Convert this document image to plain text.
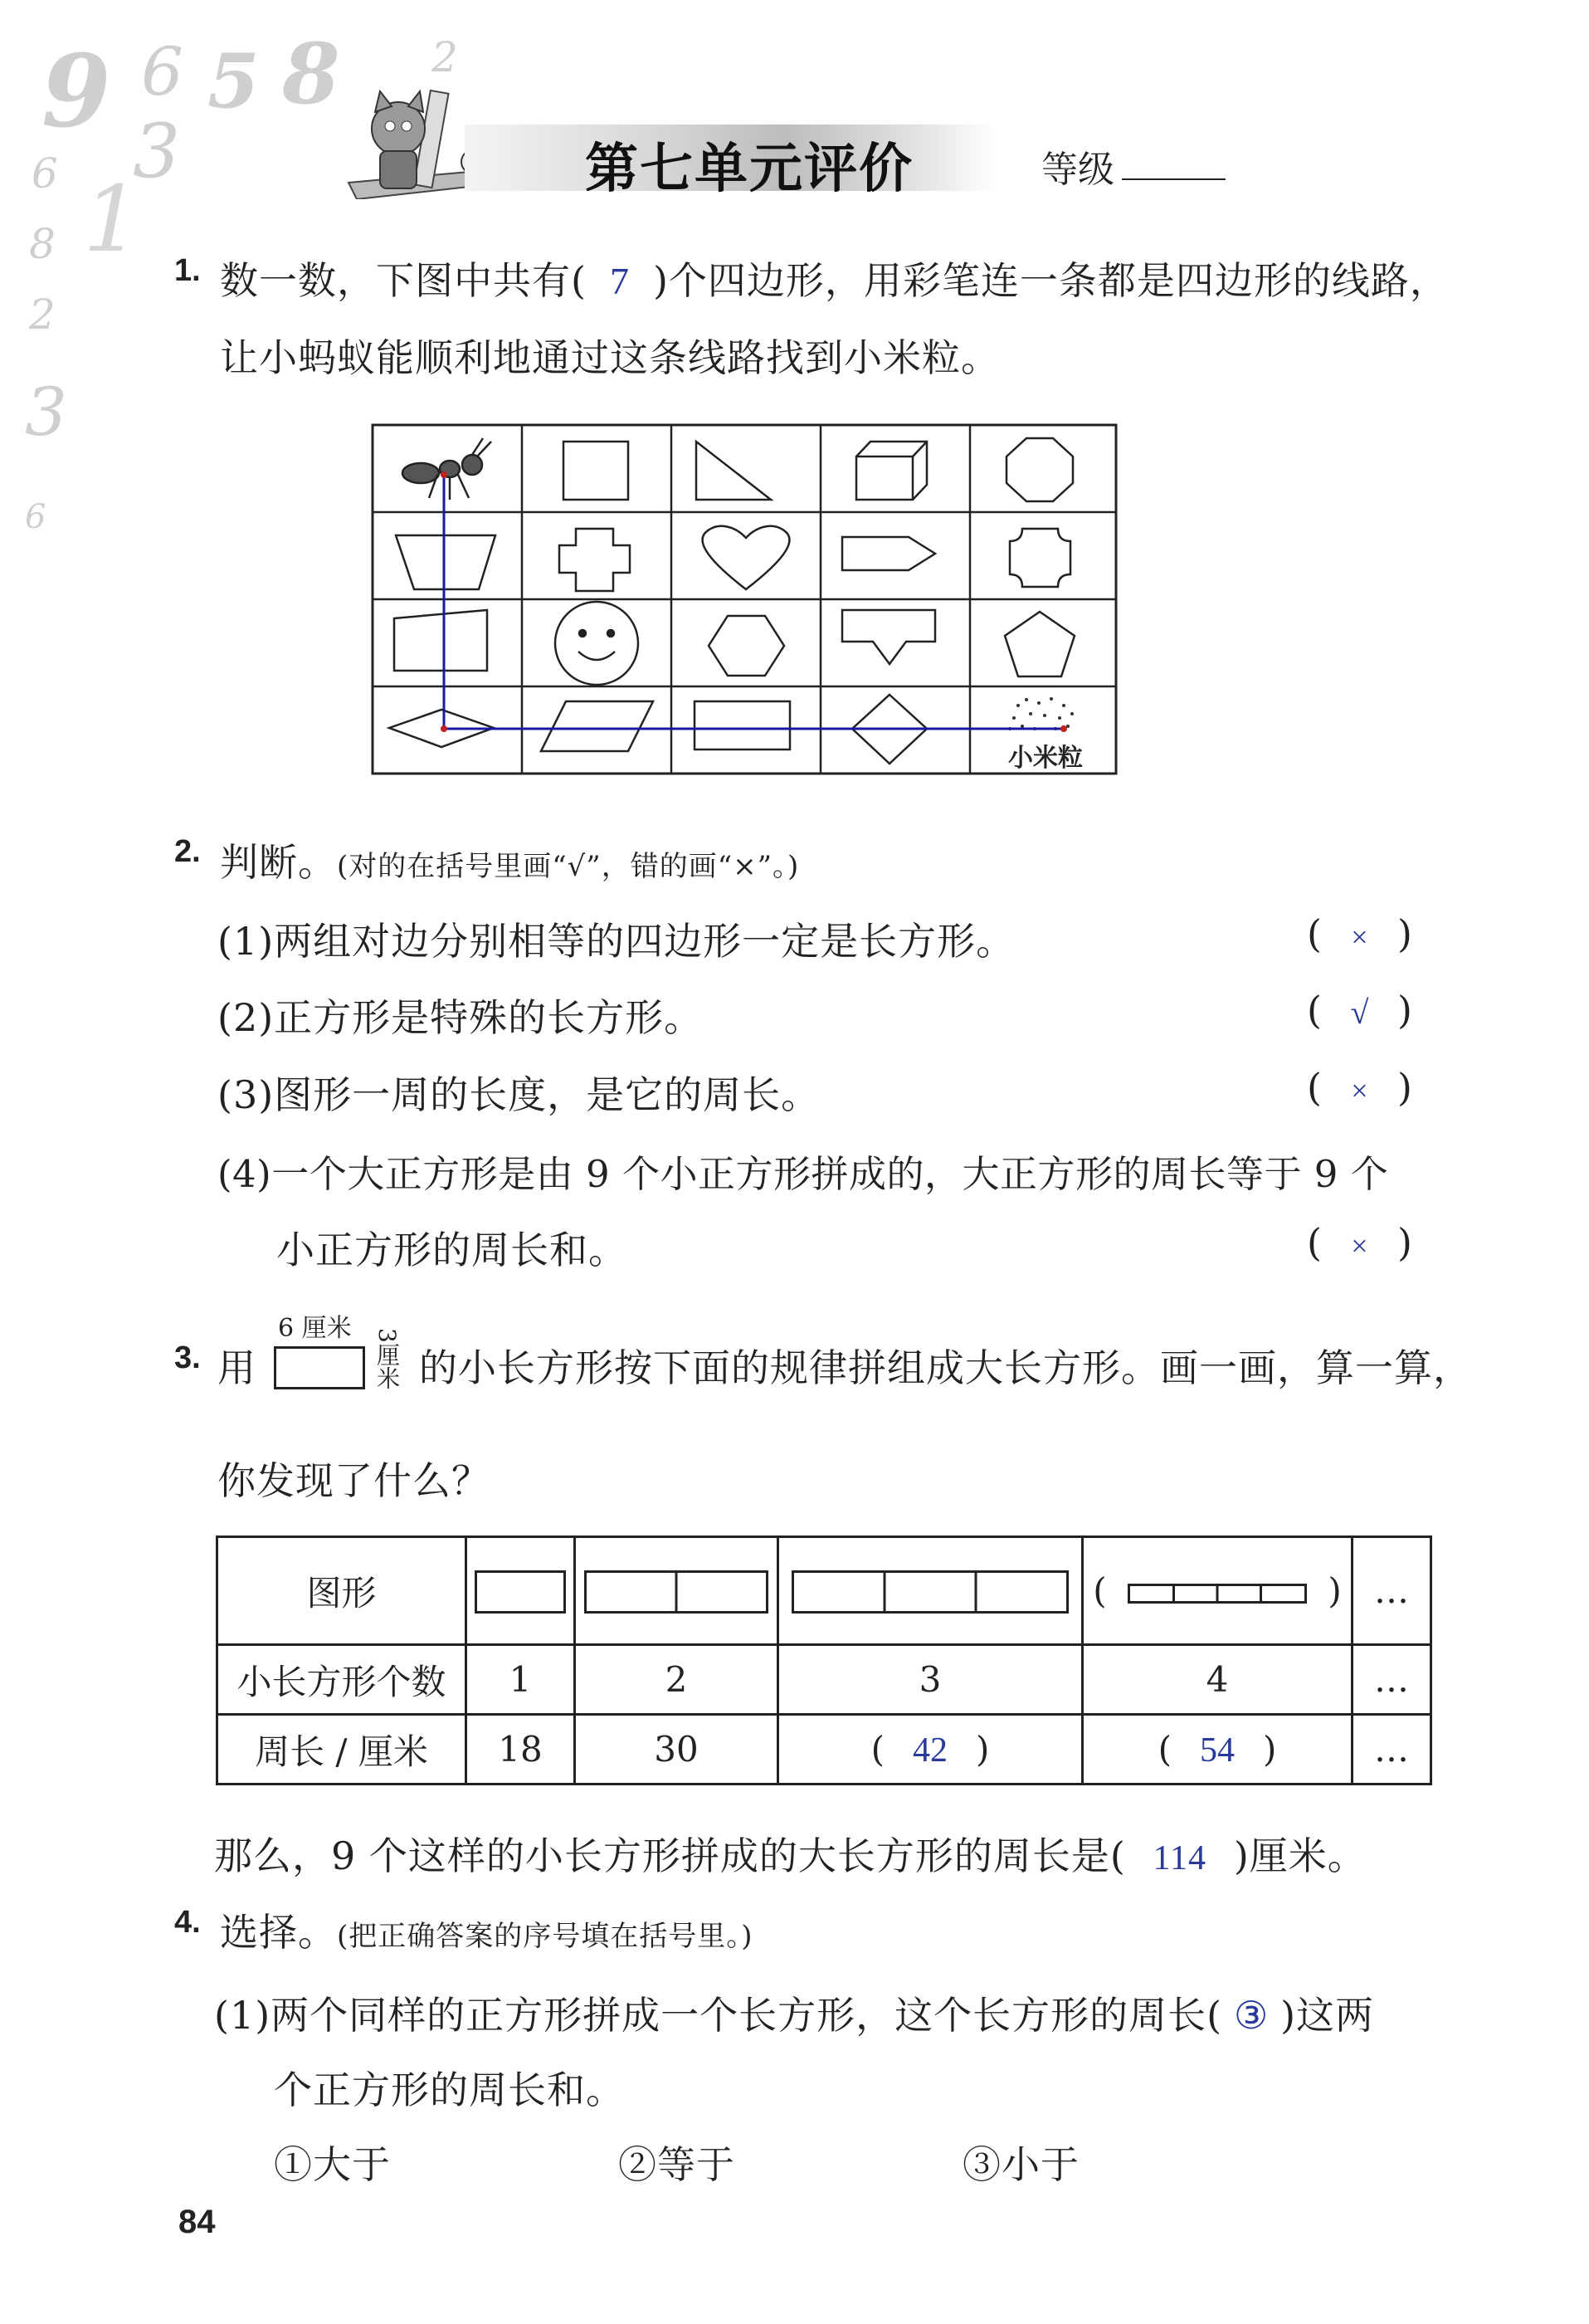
9 6 5 8 2
3
1
6
8
2
3
6
第七单元评价	等级
1. 数一数，下图中共有( 7 )个四边形，用彩笔连一条都是四边形的线路，
让小蚂蚁能顺利地通过这条线路找到小米粒。
小米粒
2. 判断。(对的在括号里画“√”，错的画“×”。)
(1)两组对边分别相等的四边形一定是长方形。	( × )
(2)正方形是特殊的长方形。	( √ )
(3)图形一周的长度，是它的周长。	( × )
(4)一个大正方形是由 9 个小正方形拼成的，大正方形的周长等于 9 个
小正方形的周长和。	( × )
3. 用
6 厘米 3厘米 的小长方形按下面的规律拼组成大长方形。画一画，算一算，
你发现了什么？
图形				( )	…
小长方形个数	1	2	3	4	…
周长 / 厘米	18	30	( 42 )	( 54 )	…
那么，9 个这样的小长方形拼成的大长方形的周长是( 114 )厘米。
4. 选择。(把正确答案的序号填在括号里。)
(1)两个同样的正方形拼成一个长方形，这个长方形的周长( ③ )这两
个正方形的周长和。
①大于	②等于	③小于
84
